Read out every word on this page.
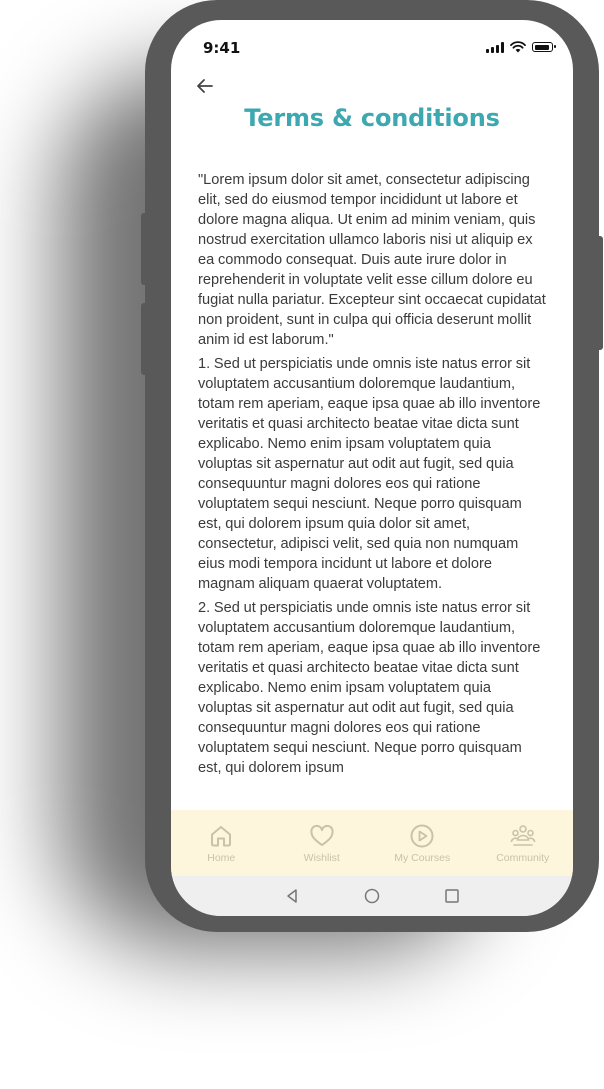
9:41
Terms & conditions

"Lorem ipsum dolor sit amet, consectetur adipiscing elit, sed do eiusmod tempor incididunt ut labore et dolore magna aliqua. Ut enim ad minim veniam, quis nostrud exercitation ullamco laboris nisi ut aliquip ex ea commodo consequat. Duis aute irure dolor in reprehenderit in voluptate velit esse cillum dolore eu fugiat nulla pariatur. Excepteur sint occaecat cupidatat non proident, sunt in culpa qui officia deserunt mollit anim id est laborum."

1. Sed ut perspiciatis unde omnis iste natus error sit voluptatem accusantium doloremque laudantium, totam rem aperiam, eaque ipsa quae ab illo inventore veritatis et quasi architecto beatae vitae dicta sunt explicabo. Nemo enim ipsam voluptatem quia voluptas sit aspernatur aut odit aut fugit, sed quia consequuntur magni dolores eos qui ratione voluptatem sequi nesciunt. Neque porro quisquam est, qui dolorem ipsum quia dolor sit amet, consectetur, adipisci velit, sed quia non numquam eius modi tempora incidunt ut labore et dolore magnam aliquam quaerat voluptatem.

2. Sed ut perspiciatis unde omnis iste natus error sit voluptatem accusantium doloremque laudantium, totam rem aperiam, eaque ipsa quae ab illo inventore veritatis et quasi architecto beatae vitae dicta sunt explicabo. Nemo enim ipsam voluptatem quia voluptas sit aspernatur aut odit aut fugit, sed quia consequuntur magni dolores eos qui ratione voluptatem sequi nesciunt. Neque porro quisquam est, qui dolorem ipsum

Home	Wishlist	My Courses	Community
